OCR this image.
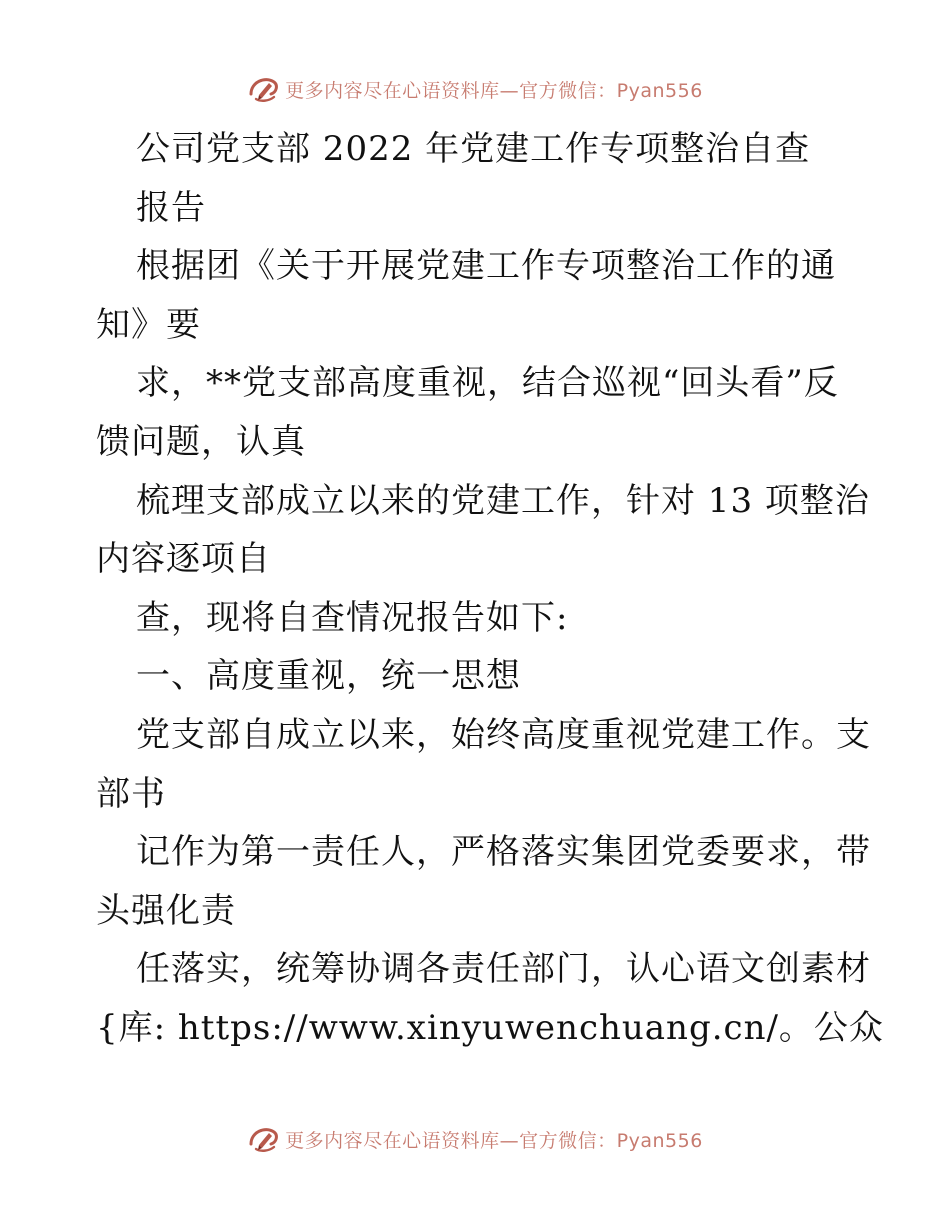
更多内容尽在心语资料库—官方微信：Pyan556
公司党支部 2022 年党建工作专项整治自查
报告
根据团《关于开展党建工作专项整治工作的通
知》要
求，**党支部高度重视，结合巡视“回头看”反
馈问题，认真
梳理支部成立以来的党建工作，针对 13 项整治
内容逐项自
查，现将自查情况报告如下:
一、高度重视，统一思想
党支部自成立以来，始终高度重视党建工作。支
部书
记作为第一责任人，严格落实集团党委要求，带
头强化责
任落实，统筹协调各责任部门，认心语文创素材
{库: https://www.xinyuwenchuang.cn/。公众
更多内容尽在心语资料库—官方微信：Pyan556
